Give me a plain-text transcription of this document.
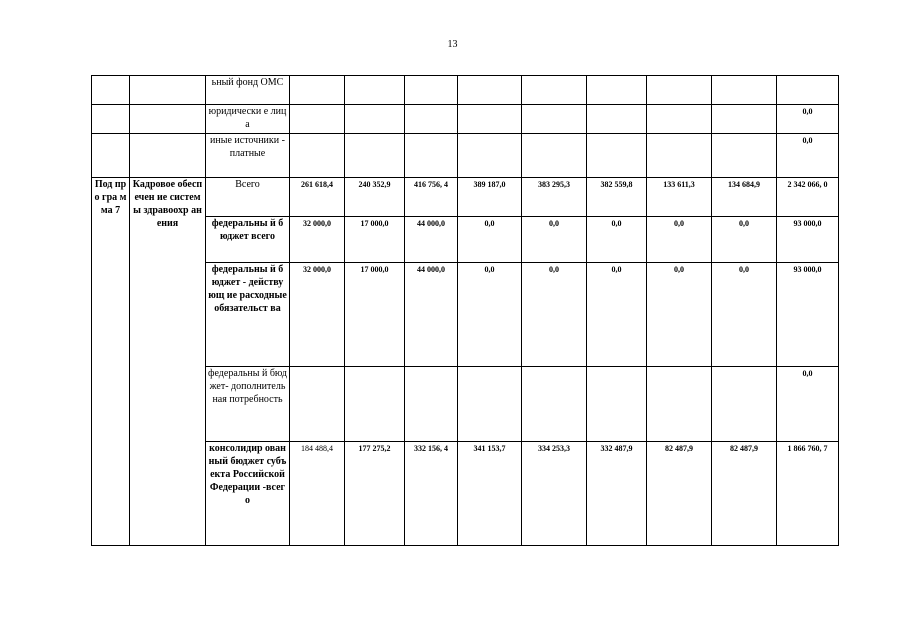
13
		ьный фонд ОМС									
		юридически е лица									0,0
		иные источники - платные									0,0
Под про гра мма 7	Кадровое обеспечен ие системы здравоохр анения	Всего	261 618,4	240 352,9	416 756, 4	389 187,0	383 295,3	382 559,8	133 611,3	134 684,9	2 342 066, 0
		федеральны й бюджет всего	32 000,0	17 000,0	44 000,0	0,0	0,0	0,0	0,0	0,0	93 000,0
		федеральны й бюджет - действующ ие расходные обязательст ва	32 000,0	17 000,0	44 000,0	0,0	0,0	0,0	0,0	0,0	93 000,0
		федеральны й бюджет- дополнитель ная потребность									0,0
		консолидир ованный бюджет субъекта Российской Федерации -всего	184 488,4	177 275,2	332 156, 4	341 153,7	334 253,3	332 487,9	82 487,9	82 487,9	1 866 760, 7
